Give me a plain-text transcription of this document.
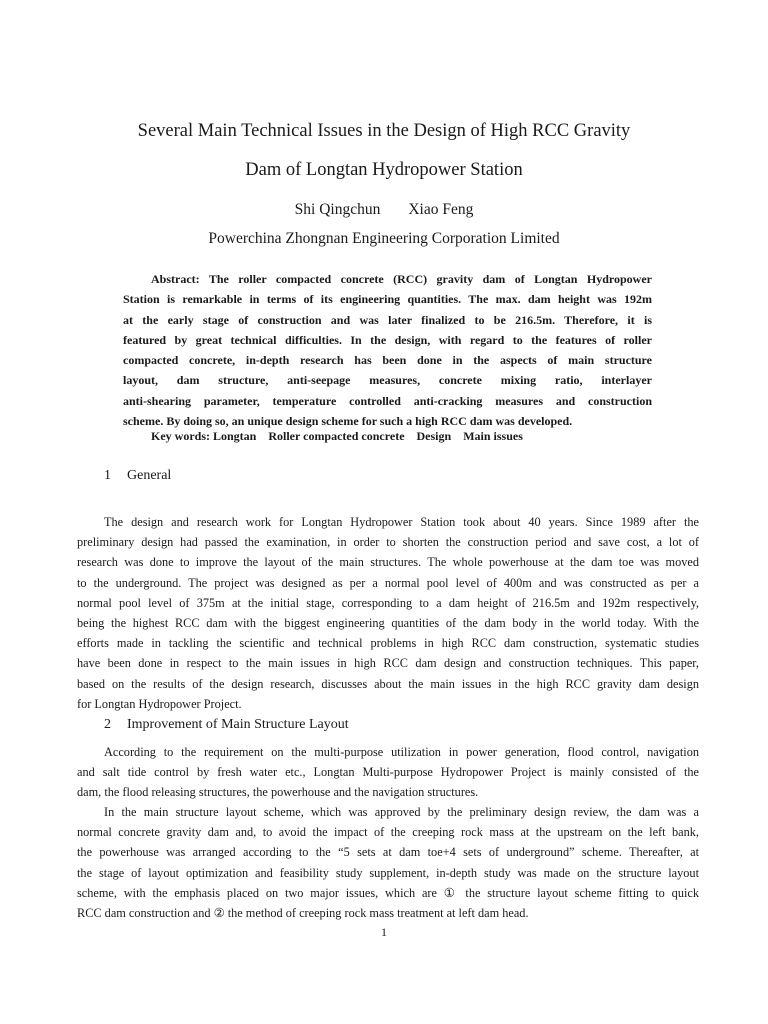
Several Main Technical Issues in the Design of High RCC Gravity
Dam of Longtan Hydropower Station
Shi Qingchun Xiao Feng
Powerchina Zhongnan Engineering Corporation Limited
Abstract: The roller compacted concrete (RCC) gravity dam of Longtan Hydropower
Station is remarkable in terms of its engineering quantities. The max. dam height was 192m
at the early stage of construction and was later finalized to be 216.5m. Therefore, it is
featured by great technical difficulties. In the design, with regard to the features of roller
compacted concrete, in-depth research has been done in the aspects of main structure
layout, dam structure, anti-seepage measures, concrete mixing ratio, interlayer
anti-shearing parameter, temperature controlled anti-cracking measures and construction
scheme. By doing so, an unique design scheme for such a high RCC dam was developed.
Key words: Longtan Roller compacted concrete Design Main issues
1 General
The design and research work for Longtan Hydropower Station took about 40 years. Since 1989 after the
preliminary design had passed the examination, in order to shorten the construction period and save cost, a lot of
research was done to improve the layout of the main structures. The whole powerhouse at the dam toe was moved
to the underground. The project was designed as per a normal pool level of 400m and was constructed as per a
normal pool level of 375m at the initial stage, corresponding to a dam height of 216.5m and 192m respectively,
being the highest RCC dam with the biggest engineering quantities of the dam body in the world today. With the
efforts made in tackling the scientific and technical problems in high RCC dam construction, systematic studies
have been done in respect to the main issues in high RCC dam design and construction techniques. This paper,
based on the results of the design research, discusses about the main issues in the high RCC gravity dam design
for Longtan Hydropower Project.
2 Improvement of Main Structure Layout
According to the requirement on the multi-purpose utilization in power generation, flood control, navigation
and salt tide control by fresh water etc., Longtan Multi-purpose Hydropower Project is mainly consisted of the
dam, the flood releasing structures, the powerhouse and the navigation structures.
In the main structure layout scheme, which was approved by the preliminary design review, the dam was a
normal concrete gravity dam and, to avoid the impact of the creeping rock mass at the upstream on the left bank,
the powerhouse was arranged according to the “5 sets at dam toe+4 sets of underground” scheme. Thereafter, at
the stage of layout optimization and feasibility study supplement, in-depth study was made on the structure layout
scheme, with the emphasis placed on two major issues, which are ① the structure layout scheme fitting to quick
RCC dam construction and ② the method of creeping rock mass treatment at left dam head.
1
